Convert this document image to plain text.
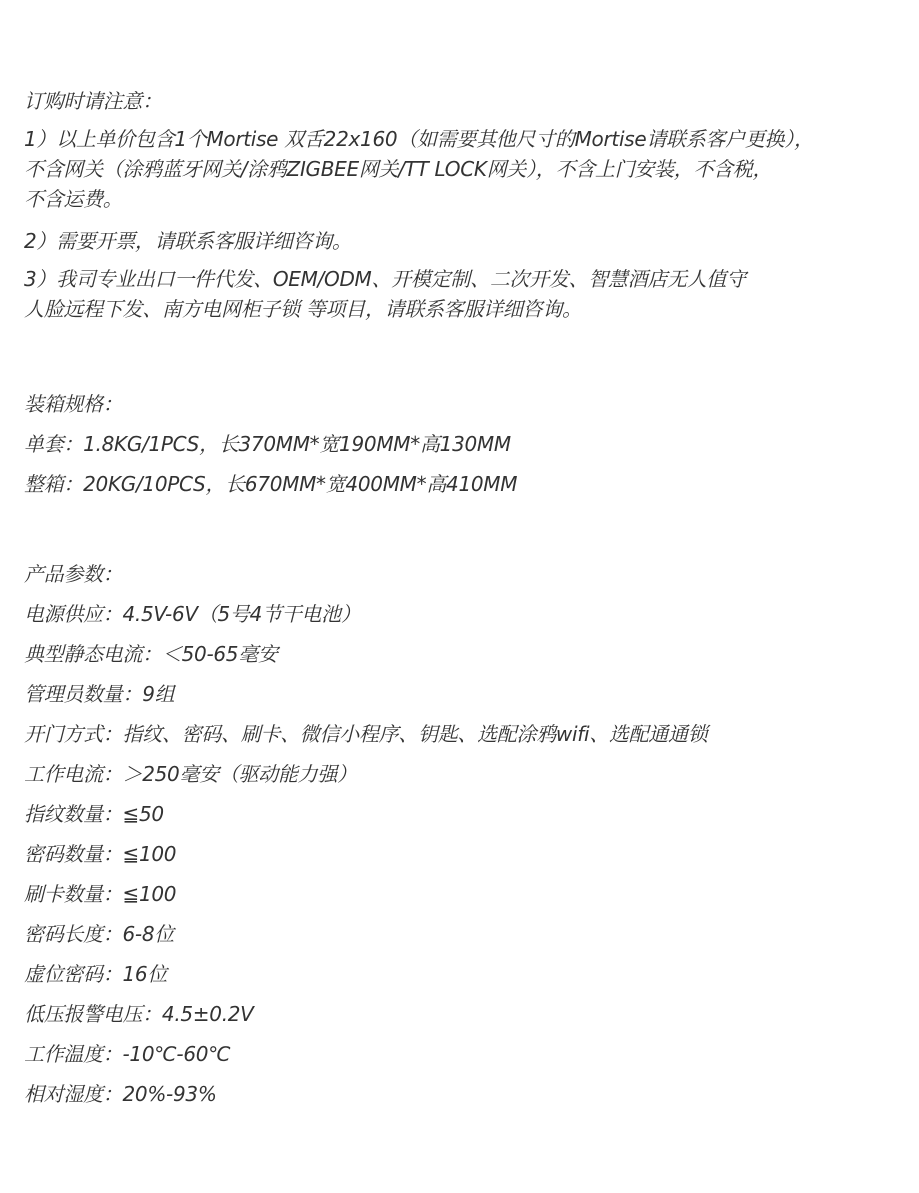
订购时请注意：
1）以上单价包含1个Mortise 双舌22x160（如需要其他尺寸的Mortise请联系客户更换），
不含网关（涂鸦蓝牙网关/涂鸦ZIGBEE网关/TT LOCK网关），不含上门安装，不含税，
不含运费。
2）需要开票，请联系客服详细咨询。
3）我司专业出口一件代发、OEM/ODM、开模定制、二次开发、智慧酒店无人值守
人脸远程下发、南方电网柜子锁 等项目，请联系客服详细咨询。
装箱规格：
单套：1.8KG/1PCS，长370MM*宽190MM*高130MM
整箱：20KG/10PCS，长670MM*宽400MM*高410MM
产品参数：
电源供应：4.5V-6V（5号4节干电池）
典型静态电流：＜50-65毫安
管理员数量：9组
开门方式：指纹、密码、刷卡、微信小程序、钥匙、选配涂鸦wifi、选配通通锁
工作电流：＞250毫安（驱动能力强）
指纹数量：≦50
密码数量：≦100
刷卡数量：≦100
密码长度：6-8位
虚位密码：16位
低压报警电压：4.5±0.2V
工作温度：-10℃-60℃
相对湿度：20%-93%
